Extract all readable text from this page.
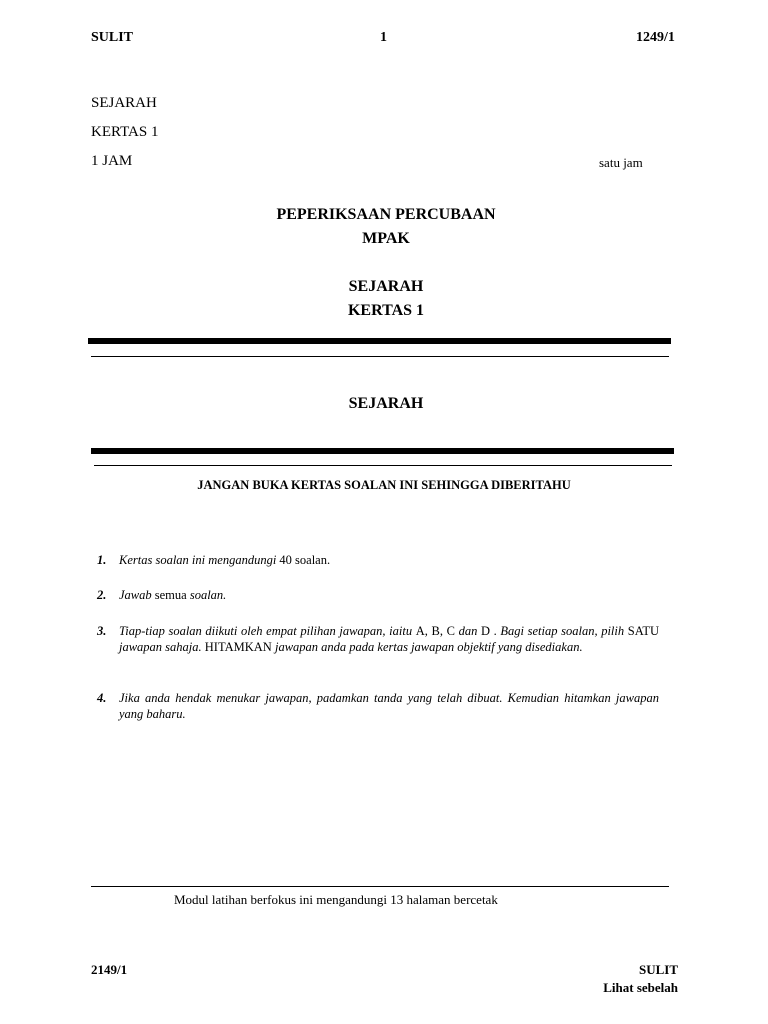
SULIT	1	1249/1
SEJARAH
KERTAS 1
1 JAM	satu jam
PEPERIKSAAN PERCUBAAN
MPAK
SEJARAH
KERTAS 1
SEJARAH
JANGAN BUKA KERTAS SOALAN INI SEHINGGA DIBERITAHU
1. Kertas soalan ini mengandungi 40 soalan.
2. Jawab semua soalan.
3. Tiap-tiap soalan diikuti oleh empat pilihan jawapan, iaitu A, B, C dan D . Bagi setiap soalan, pilih SATU jawapan sahaja. HITAMKAN jawapan anda pada kertas jawapan objektif yang disediakan.
4. Jika anda hendak menukar jawapan, padamkan tanda yang telah dibuat. Kemudian hitamkan jawapan yang baharu.
Modul latihan berfokus ini mengandungi 13 halaman bercetak
2149/1	SULIT
Lihat sebelah
